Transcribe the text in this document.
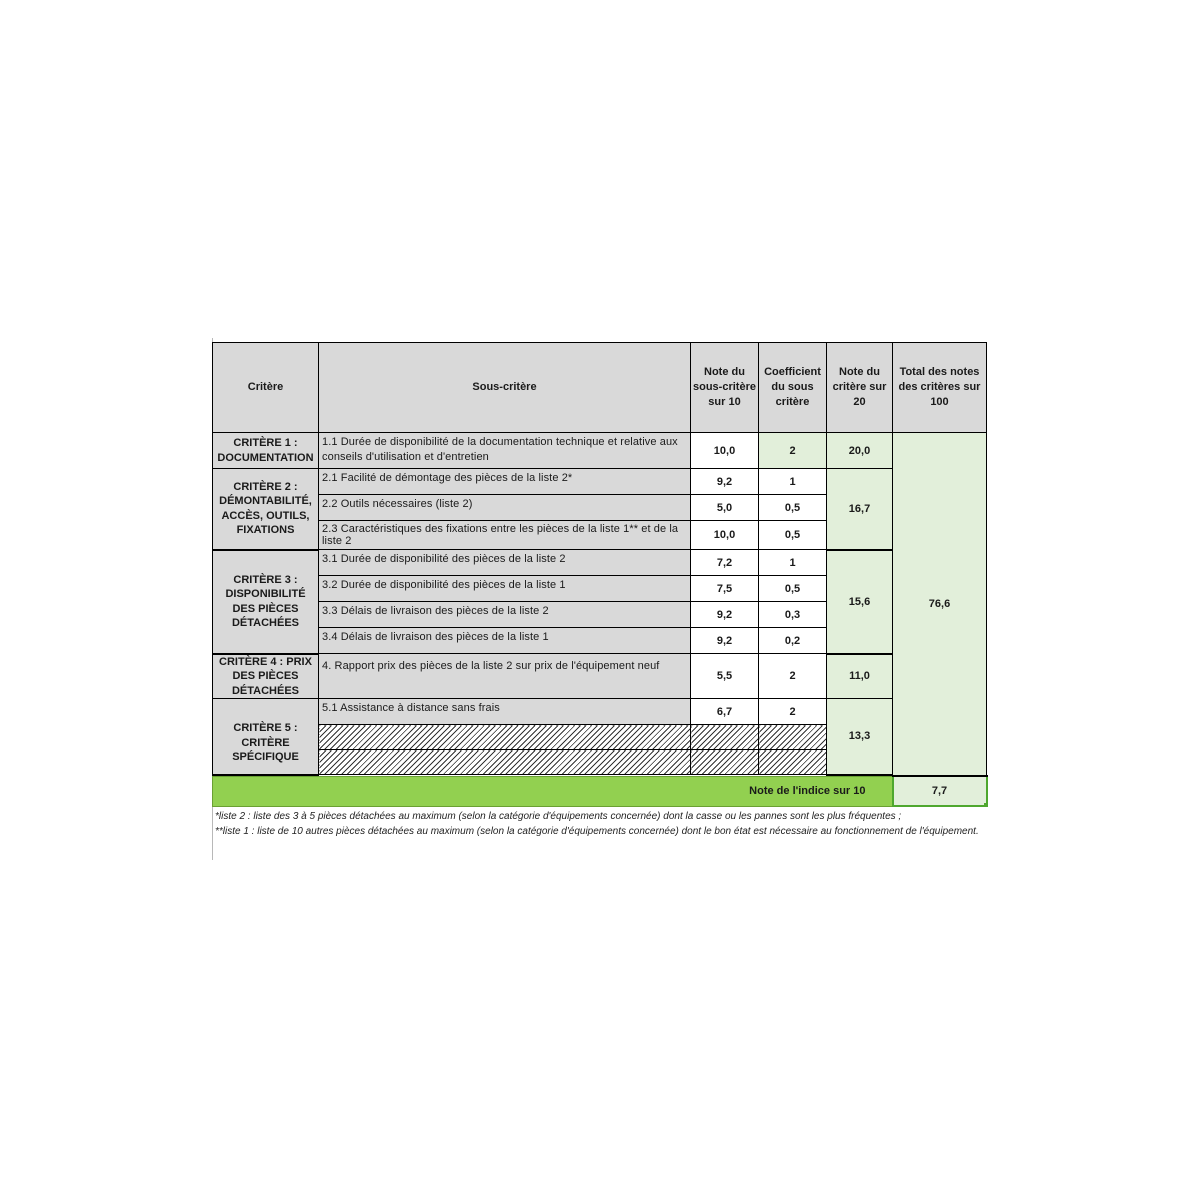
Critère	Sous-critère	Note du sous-critère sur 10	Coefficient du sous critère	Note du critère sur 20	Total des notes des critères sur 100
CRITÈRE 1 : DOCUMENTATION	1.1 Durée de disponibilité de la documentation technique et relative aux conseils d'utilisation et d'entretien	10,0	2	20,0	76,6
CRITÈRE 2 : DÉMONTABILITÉ, ACCÈS, OUTILS, FIXATIONS	2.1 Facilité de démontage des pièces de la liste 2*	9,2	1	16,7	
	2.2 Outils nécessaires (liste 2)	5,0	0,5		
	2.3 Caractéristiques des fixations entre les pièces de la liste 1** et de la liste 2	10,0	0,5		
CRITÈRE 3 : DISPONIBILITÉ DES PIÈCES DÉTACHÉES	3.1 Durée de disponibilité des pièces de la liste 2	7,2	1	15,6	
	3.2 Durée de disponibilité des pièces de la liste 1	7,5	0,5		
	3.3 Délais de livraison des pièces de la liste 2	9,2	0,3		
	3.4 Délais de livraison des pièces de la liste 1	9,2	0,2		
CRITÈRE 4 : PRIX DES PIÈCES DÉTACHÉES	4. Rapport prix des pièces de la liste 2 sur prix de l'équipement neuf	5,5	2	11,0	
CRITÈRE 5 : CRITÈRE SPÉCIFIQUE	5.1 Assistance à distance sans frais	6,7	2	13,3	

Note de l'indice sur 10					7,7
*liste 2 : liste des 3 à 5 pièces détachées au maximum (selon la catégorie d'équipements concernée) dont la casse ou les pannes sont les plus fréquentes ;
**liste 1 : liste de 10 autres pièces détachées au maximum (selon la catégorie d'équipements concernée) dont le bon état est nécessaire au fonctionnement de l'équipement.
